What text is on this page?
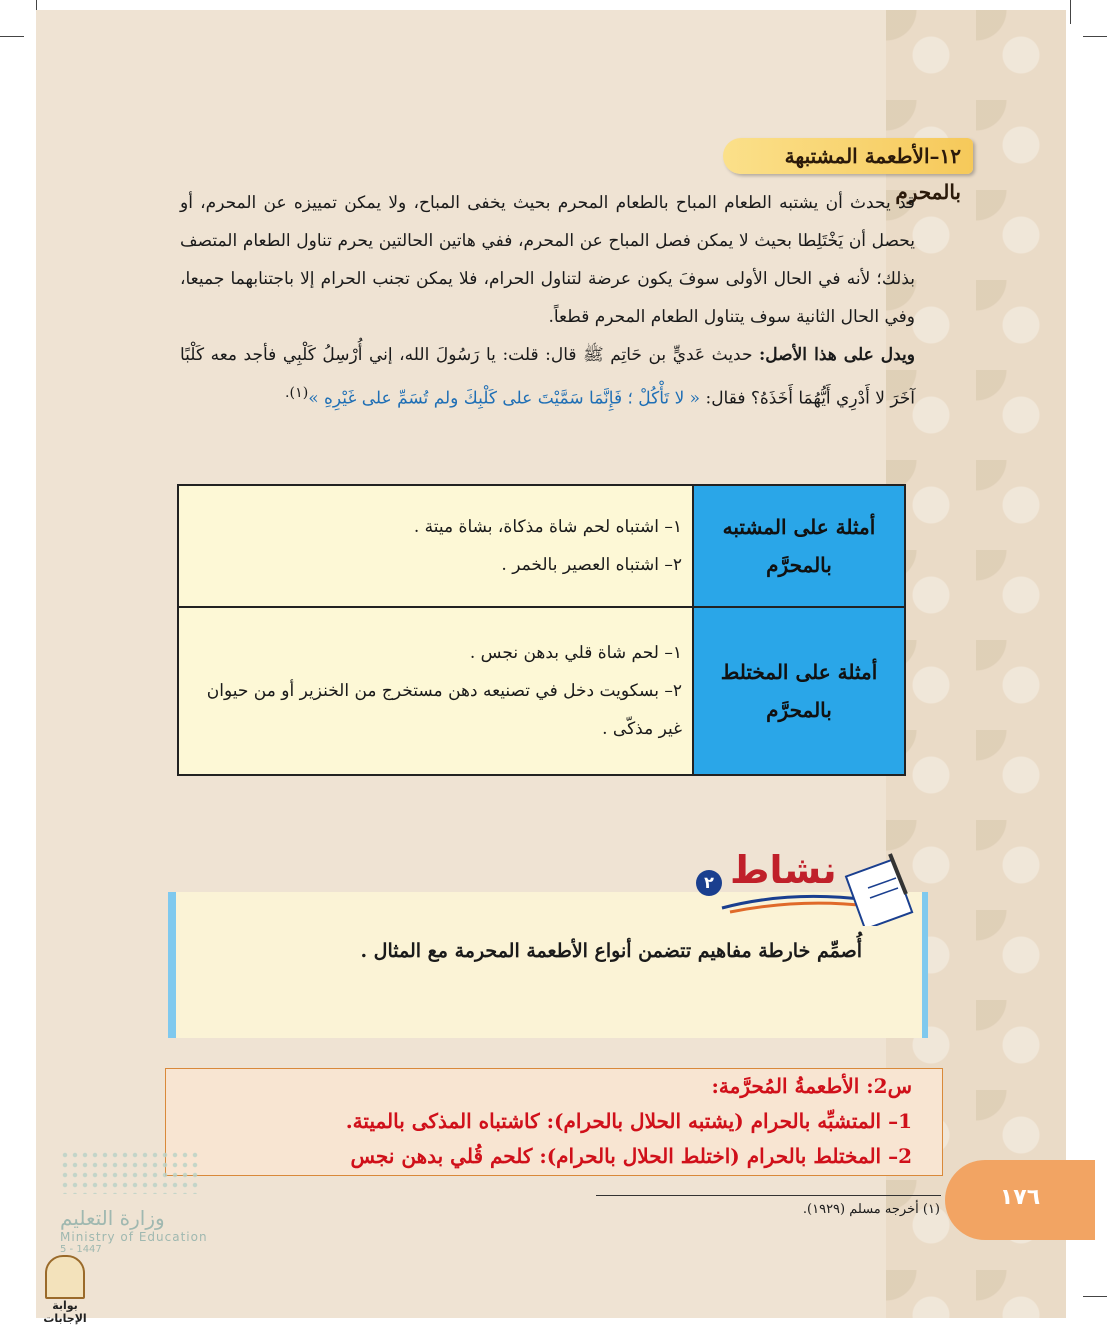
١٢–الأطعمة المشتبهة بالمحرم
قد يحدث أن يشتبه الطعام المباح بالطعام المحرم بحيث يخفى المباح، ولا يمكن تمييزه عن المحرم، أو يحصل أن يَخْتَلِطا بحيث لا يمكن فصل المباح عن المحرم، ففي هاتين الحالتين يحرم تناول الطعام المتصف بذلك؛ لأنه في الحال الأولى سوفَ يكون عرضة لتناول الحرام، فلا يمكن تجنب الحرام إلا باجتنابهما جميعا، وفي الحال الثانية سوف يتناول الطعام المحرم قطعاً.
ويدل على هذا الأصل: حديث عَديٍّ بن حَاتِم ﷺ قال: قلت: يا رَسُولَ الله، إني أُرْسِلُ كَلْبِي فأجد معه كَلْبًا آخَرَ لا أَدْرِي أَيُّهُمَا أَخَذَهُ؟ فقال: « لا تَأْكُلْ ؛ فَإِنَّمَا سَمَّيْتَ على كَلْبِكَ ولم تُسَمِّ على غَيْرِهِ »$^{(١).}$
أمثلة على المشتبه بالمحرَّم	١– اشتباه لحم شاة مذكاة، بشاة ميتة .
٢– اشتباه العصير بالخمر .

أمثلة على المختلط بالمحرَّم	١– لحم شاة قلي بدهن نجس .
٢– بسكويت دخل في تصنيعه دهن مستخرج من الخنزير أو من حيوان غير مذكّى .
أُصمِّم خارطة مفاهيم تتضمن أنواع الأطعمة المحرمة مع المثال .
٢ نشاط
س2: الأطعمةُ المُحرَّمة:
1– المتشبِّه بالحرام (يشتبه الحلال بالحرام): كاشتباه المذكى بالميتة.
2– المختلط بالحرام (اختلط الحلال بالحرام): كلحم قُلي بدهن نجس
١٧٦
(١) أخرجه مسلم (١٩٢٩).
وزارة التعليم
Ministry of Education
5 - 1447
بوابة الإجابات
